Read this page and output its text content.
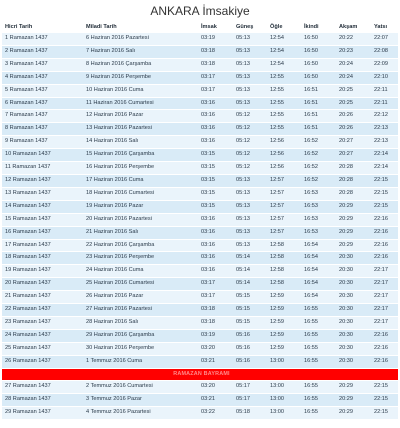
ANKARA İmsakiye
Hicri Tarih	Miladi Tarih	İmsak	Güneş	Öğle	İkindi	Akşam	Yatsı
1 Ramazan 1437	6 Haziran 2016 Pazartesi	03:19	05:13	12:54	16:50	20:22	22:07
2 Ramazan 1437	7 Haziran 2016 Salı	03:18	05:13	12:54	16:50	20:23	22:08
3 Ramazan 1437	8 Haziran 2016 Çarşamba	03:18	05:13	12:54	16:50	20:24	22:09
4 Ramazan 1437	9 Haziran 2016 Perşembe	03:17	05:13	12:55	16:50	20:24	22:10
5 Ramazan 1437	10 Haziran 2016 Cuma	03:17	05:13	12:55	16:51	20:25	22:11
6 Ramazan 1437	11 Haziran 2016 Cumartesi	03:16	05:13	12:55	16:51	20:25	22:11
7 Ramazan 1437	12 Haziran 2016 Pazar	03:16	05:12	12:55	16:51	20:26	22:12
8 Ramazan 1437	13 Haziran 2016 Pazartesi	03:16	05:12	12:55	16:51	20:26	22:13
9 Ramazan 1437	14 Haziran 2016 Salı	03:16	05:12	12:56	16:52	20:27	22:13
10 Ramazan 1437	15 Haziran 2016 Çarşamba	03:15	05:12	12:56	16:52	20:27	22:14
11 Ramazan 1437	16 Haziran 2016 Perşembe	03:15	05:12	12:56	16:52	20:28	22:14
12 Ramazan 1437	17 Haziran 2016 Cuma	03:15	05:13	12:57	16:52	20:28	22:15
13 Ramazan 1437	18 Haziran 2016 Cumartesi	03:15	05:13	12:57	16:53	20:28	22:15
14 Ramazan 1437	19 Haziran 2016 Pazar	03:15	05:13	12:57	16:53	20:29	22:15
15 Ramazan 1437	20 Haziran 2016 Pazartesi	03:16	05:13	12:57	16:53	20:29	22:16
16 Ramazan 1437	21 Haziran 2016 Salı	03:16	05:13	12:57	16:53	20:29	22:16
17 Ramazan 1437	22 Haziran 2016 Çarşamba	03:16	05:13	12:58	16:54	20:29	22:16
18 Ramazan 1437	23 Haziran 2016 Perşembe	03:16	05:14	12:58	16:54	20:30	22:16
19 Ramazan 1437	24 Haziran 2016 Cuma	03:16	05:14	12:58	16:54	20:30	22:17
20 Ramazan 1437	25 Haziran 2016 Cumartesi	03:17	05:14	12:58	16:54	20:30	22:17
21 Ramazan 1437	26 Haziran 2016 Pazar	03:17	05:15	12:59	16:54	20:30	22:17
22 Ramazan 1437	27 Haziran 2016 Pazartesi	03:18	05:15	12:59	16:55	20:30	22:17
23 Ramazan 1437	28 Haziran 2016 Salı	03:18	05:15	12:59	16:55	20:30	22:17
24 Ramazan 1437	29 Haziran 2016 Çarşamba	03:19	05:16	12:59	16:55	20:30	22:16
25 Ramazan 1437	30 Haziran 2016 Perşembe	03:20	05:16	12:59	16:55	20:30	22:16
26 Ramazan 1437	1 Temmuz 2016 Cuma	03:21	05:16	13:00	16:55	20:30	22:16
RAMAZAN BAYRAMI							
27 Ramazan 1437	2 Temmuz 2016 Cumartesi	03:20	05:17	13:00	16:55	20:29	22:15
28 Ramazan 1437	3 Temmuz 2016 Pazar	03:21	05:17	13:00	16:55	20:29	22:15
29 Ramazan 1437	4 Temmuz 2016 Pazartesi	03:22	05:18	13:00	16:55	20:29	22:15
